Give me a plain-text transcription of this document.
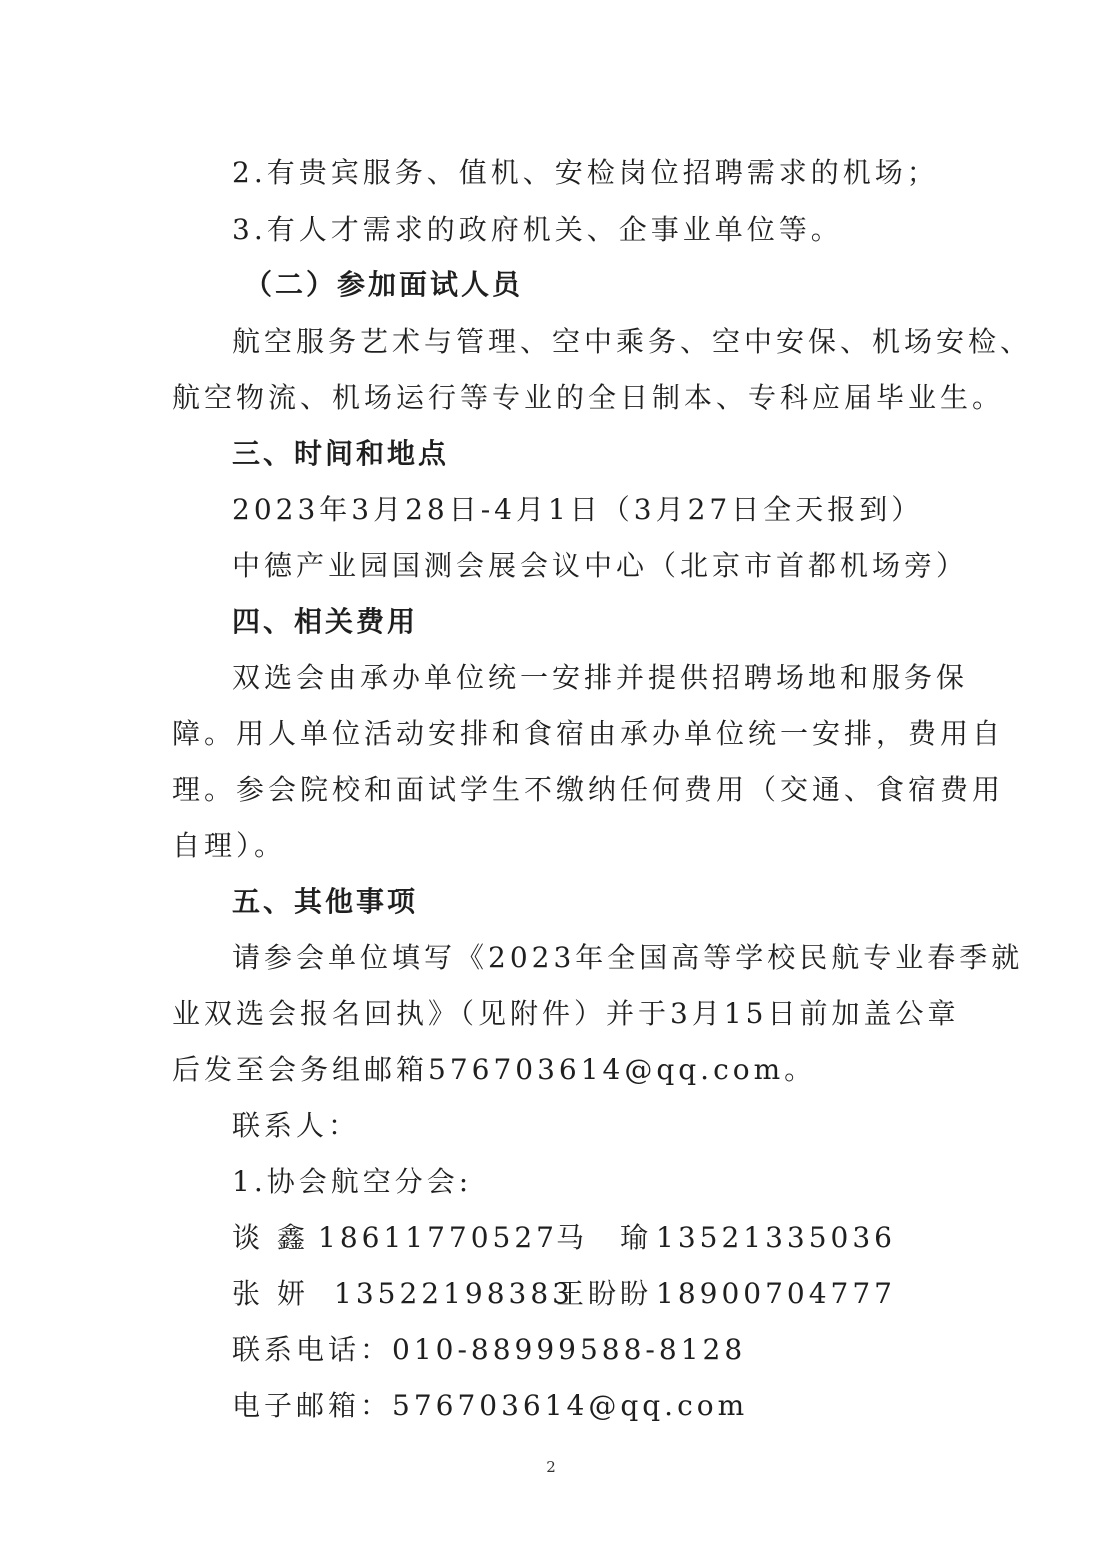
2.有贵宾服务、值机、安检岗位招聘需求的机场；
3.有人才需求的政府机关、企事业单位等。
（二）参加面试人员
航空服务艺术与管理、空中乘务、空中安保、机场安检、
航空物流、机场运行等专业的全日制本、专科应届毕业生。
三、时间和地点
2023年3月28日-4月1日（3月27日全天报到）
中德产业园国测会展会议中心（北京市首都机场旁）
四、相关费用
双选会由承办单位统一安排并提供招聘场地和服务保
障。用人单位活动安排和食宿由承办单位统一安排，费用自
理。参会院校和面试学生不缴纳任何费用（交通、食宿费用
自理）。
五、其他事项
请参会单位填写《2023年全国高等学校民航专业春季就
业双选会报名回执》（见附件）并于3月15日前加盖公章
后发至会务组邮箱576703614@qq.com。
联系人：
1.协会航空分会:
谈 鑫 18611770527
马　瑜 13521335036
张 妍 13522198383
王盼盼 18900704777
联系电话：010-88999588-8128
电子邮箱：576703614@qq.com
2
